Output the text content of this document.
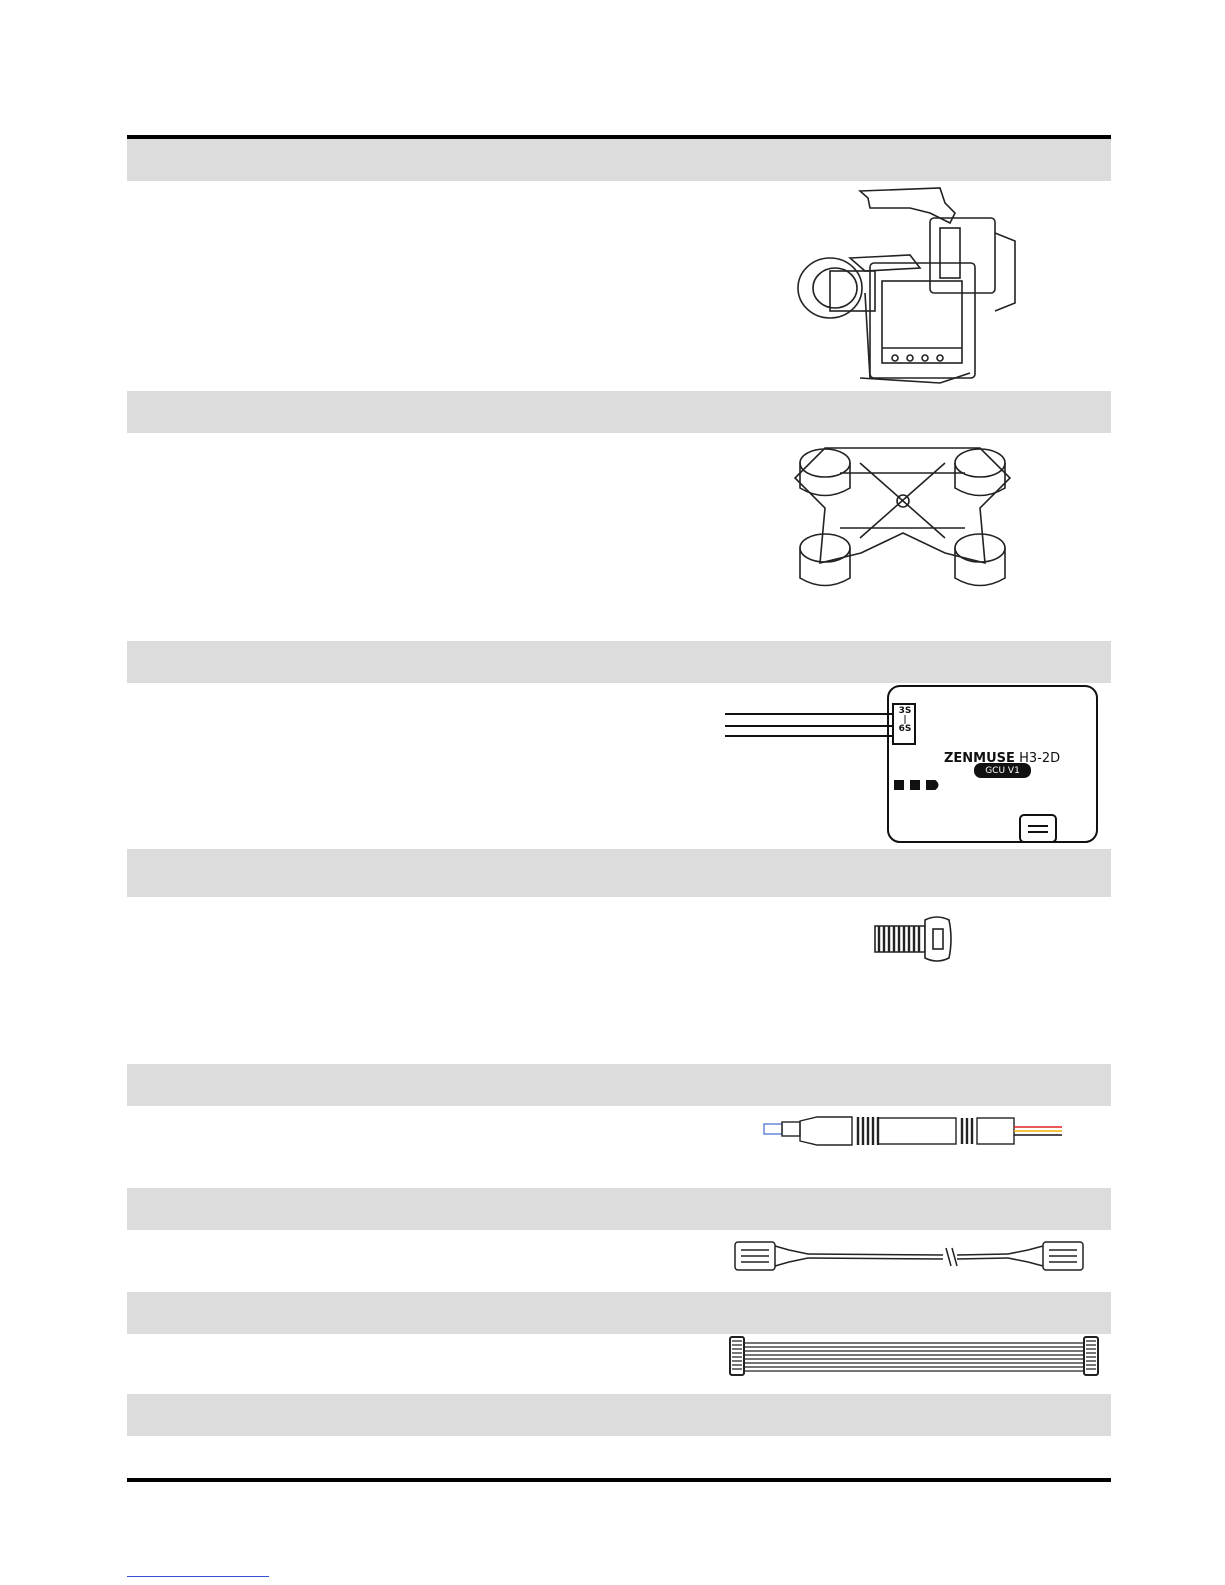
3S
|
6S
ZENMUSE H3-2D
GCU V1
